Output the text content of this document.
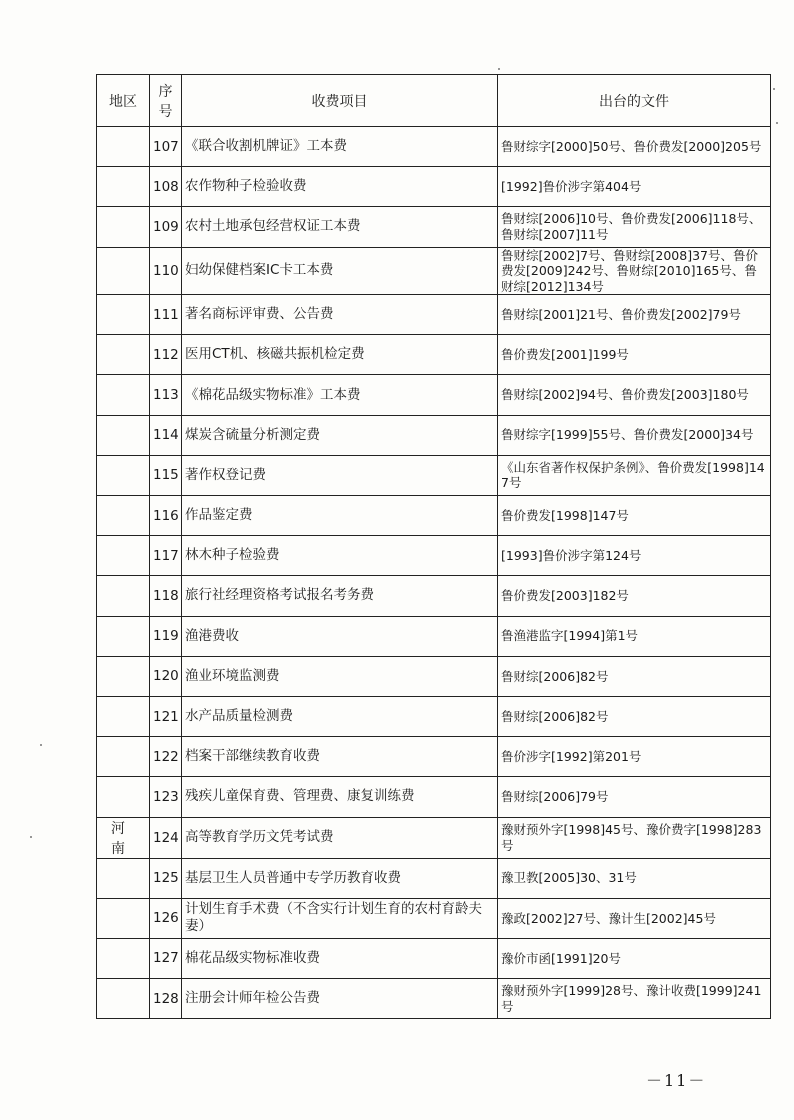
地区	序号	收费项目	出台的文件
	107	《联合收割机牌证》工本费	鲁财综字[2000]50号、鲁价费发[2000]205号
	108	农作物种子检验收费	[1992]鲁价涉字第404号
	109	农村土地承包经营权证工本费	鲁财综[2006]10号、鲁价费发[2006]118号、鲁财综[2007]11号
	110	妇幼保健档案IC卡工本费	鲁财综[2002]7号、鲁财综[2008]37号、鲁价费发[2009]242号、鲁财综[2010]165号、鲁财综[2012]134号
	111	著名商标评审费、公告费	鲁财综[2001]21号、鲁价费发[2002]79号
	112	医用CT机、核磁共振机检定费	鲁价费发[2001]199号
	113	《棉花品级实物标准》工本费	鲁财综[2002]94号、鲁价费发[2003]180号
	114	煤炭含硫量分析测定费	鲁财综字[1999]55号、鲁价费发[2000]34号
	115	著作权登记费	《山东省著作权保护条例》、鲁价费发[1998]147号
	116	作品鉴定费	鲁价费发[1998]147号
	117	林木种子检验费	[1993]鲁价涉字第124号
	118	旅行社经理资格考试报名考务费	鲁价费发[2003]182号
	119	渔港费收	鲁渔港监字[1994]第1号
	120	渔业环境监测费	鲁财综[2006]82号
	121	水产品质量检测费	鲁财综[2006]82号
	122	档案干部继续教育收费	鲁价涉字[1992]第201号
	123	残疾儿童保育费、管理费、康复训练费	鲁财综[2006]79号
河南	124	高等教育学历文凭考试费	豫财预外字[1998]45号、豫价费字[1998]283号
	125	基层卫生人员普通中专学历教育收费	豫卫教[2005]30、31号
	126	计划生育手术费（不含实行计划生育的农村育龄夫妻）	豫政[2002]27号、豫计生[2002]45号
	127	棉花品级实物标准收费	豫价市函[1991]20号
	128	注册会计师年检公告费	豫财预外字[1999]28号、豫计收费[1999]241号
－11－
